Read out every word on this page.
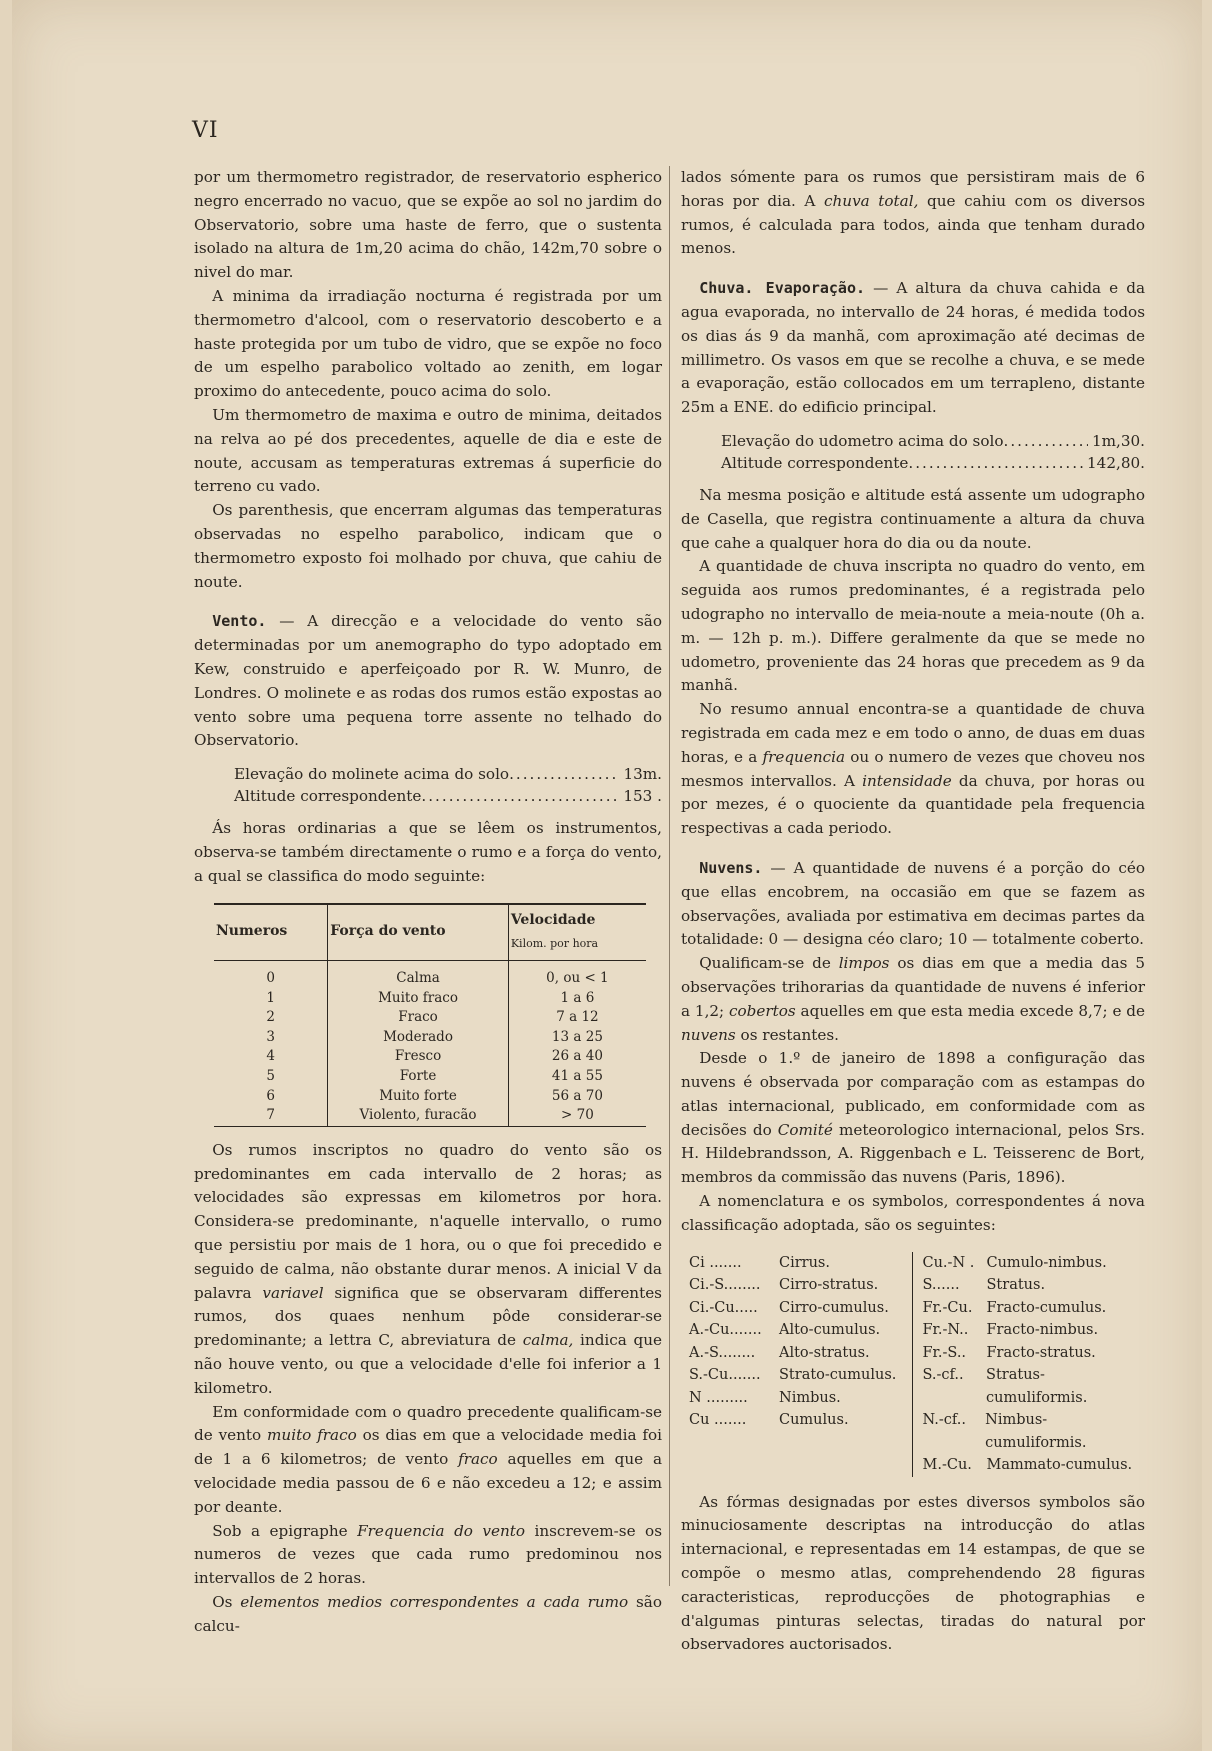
VI

por um thermometro registrador, de reservatorio espherico negro encerrado no vacuo, que se expõe ao sol no jardim do Observatorio, sobre uma haste de ferro, que o sustenta isolado na altura de 1m,20 acima do chão, 142m,70 sobre o nivel do mar.

A minima da irradiação nocturna é registrada por um thermometro d'alcool, com o reservatorio descoberto e a haste protegida por um tubo de vidro, que se expõe no foco de um espelho parabolico voltado ao zenith, em logar proximo do antecedente, pouco acima do solo.

Um thermometro de maxima e outro de minima, deitados na relva ao pé dos precedentes, aquelle de dia e este de noute, accusam as temperaturas extremas á superficie do terreno cu vado.

Os parenthesis, que encerram algumas das temperaturas observadas no espelho parabolico, indicam que o thermometro exposto foi molhado por chuva, que cahiu de noute.

Vento. — A direcção e a velocidade do vento são determinadas por um anemographo do typo adoptado em Kew, construido e aperfeiçoado por R. W. Munro, de Londres. O molinete e as rodas dos rumos estão expostas ao vento sobre uma pequena torre assente no telhado do Observatorio.

Elevação do molinete acima do solo .....	13m.
Altitude correspondente .....	153 .

Ás horas ordinarias a que se lêem os instrumentos, observa-se também directamente o rumo e a força do vento, a qual se classifica do modo seguinte:

Numeros	Força do vento	Velocidade
Kilom. por hora

0	Calma	0, ou < 1
1	Muito fraco	1 a 6
2	Fraco	7 a 12
3	Moderado	13 a 25
4	Fresco	26 a 40
5	Forte	41 a 55
6	Muito forte	56 a 70
7	Violento, furacão	> 70

Os rumos inscriptos no quadro do vento são os predominantes em cada intervallo de 2 horas; as velocidades são expressas em kilometros por hora. Considera-se predominante, n'aquelle intervallo, o rumo que persistiu por mais de 1 hora, ou o que foi precedido e seguido de calma, não obstante durar menos. A inicial V da palavra variavel significa que se observaram differentes rumos, dos quaes nenhum pôde considerar-se predominante; a lettra C, abreviatura de calma, indica que não houve vento, ou que a velocidade d'elle foi inferior a 1 kilometro.

Em conformidade com o quadro precedente qualificam-se de vento muito fraco os dias em que a velocidade media foi de 1 a 6 kilometros; de vento fraco aquelles em que a velocidade media passou de 6 e não excedeu a 12; e assim por deante.

Sob a epigraphe Frequencia do vento inscrevem-se os numeros de vezes que cada rumo predominou nos intervallos de 2 horas.

Os elementos medios correspondentes a cada rumo são calcu-

lados sómente para os rumos que persistiram mais de 6 horas por dia. A chuva total, que cahiu com os diversos rumos, é calculada para todos, ainda que tenham durado menos.

Chuva. Evaporação. — A altura da chuva cahida e da agua evaporada, no intervallo de 24 horas, é medida todos os dias ás 9 da manhã, com aproximação até decimas de millimetro. Os vasos em que se recolhe a chuva, e se mede a evaporação, estão collocados em um terrapleno, distante 25m a ENE. do edificio principal.

Elevação do udometro acima do solo .....	1m,30.
Altitude correspondente .....	142,80.

Na mesma posição e altitude está assente um udographo de Casella, que registra continuamente a altura da chuva que cahe a qualquer hora do dia ou da noute.

A quantidade de chuva inscripta no quadro do vento, em seguida aos rumos predominantes, é a registrada pelo udographo no intervallo de meia-noute a meia-noute (0h a. m. — 12h p. m.). Differe geralmente da que se mede no udometro, proveniente das 24 horas que precedem as 9 da manhã.

No resumo annual encontra-se a quantidade de chuva registrada em cada mez e em todo o anno, de duas em duas horas, e a frequencia ou o numero de vezes que choveu nos mesmos intervallos. A intensidade da chuva, por horas ou por mezes, é o quociente da quantidade pela frequencia respectivas a cada periodo.

Nuvens. — A quantidade de nuvens é a porção do céo que ellas encobrem, na occasião em que se fazem as observações, avaliada por estimativa em decimas partes da totalidade: 0 — designa céo claro; 10 — totalmente coberto.

Qualificam-se de limpos os dias em que a media das 5 observações trihorarias da quantidade de nuvens é inferior a 1,2; cobertos aquelles em que esta media excede 8,7; e de nuvens os restantes.

Desde o 1.º de janeiro de 1898 a configuração das nuvens é observada por comparação com as estampas do atlas internacional, publicado, em conformidade com as decisões do Comité meteorologico internacional, pelos Srs. H. Hildebrandsson, A. Riggenbach e L. Teisserenc de Bort, membros da commissão das nuvens (Paris, 1896).

A nomenclatura e os symbolos, correspondentes á nova classificação adoptada, são os seguintes:

Ci .......	Cirrus.
Ci.-S........	Cirro-stratus.
Ci.-Cu.....	Cirro-cumulus.
A.-Cu.......	Alto-cumulus.
A.-S........	Alto-stratus.
S.-Cu.......	Strato-cumulus.
N .........	Nimbus.
Cu .......	Cumulus.
Cu.-N . Cumulo-nimbus.
S......	Stratus.
Fr.-Cu. Fracto-cumulus.
Fr.-N..	Fracto-nimbus.
Fr.-S..	Fracto-stratus.
S.-cf..	Stratus-cumuliformis.
N.-cf..	Nimbus-cumuliformis.
M.-Cu.	Mammato-cumulus.

As fórmas designadas por estes diversos symbolos são minuciosamente descriptas na introducção do atlas internacional, e representadas em 14 estampas, de que se compõe o mesmo atlas, comprehendendo 28 figuras caracteristicas, reproducções de photographias e d'algumas pinturas selectas, tiradas do natural por observadores auctorisados.
